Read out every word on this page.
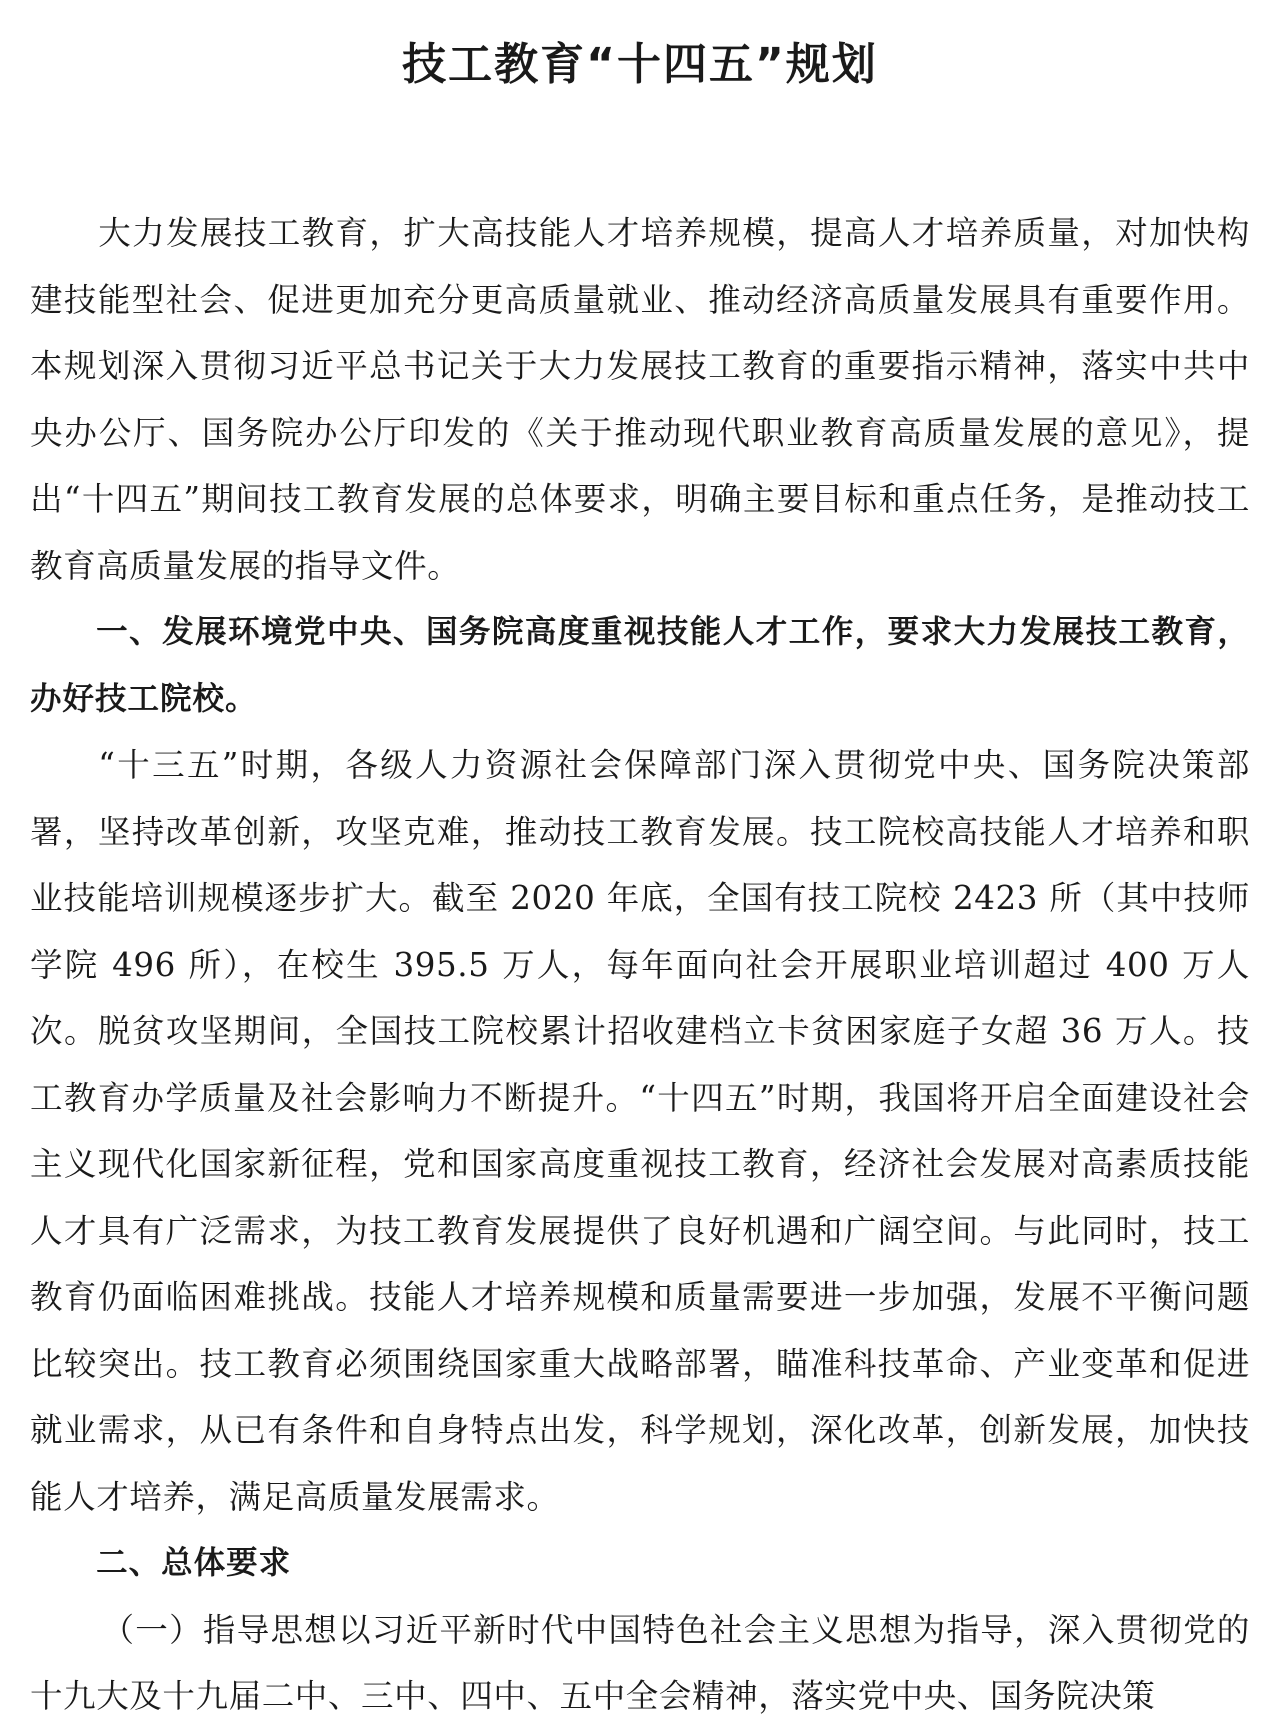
技工教育“十四五”规划

大力发展技工教育，扩大高技能人才培养规模，提高人才培养质量，对加快构建技能型社会、促进更加充分更高质量就业、推动经济高质量发展具有重要作用。本规划深入贯彻习近平总书记关于大力发展技工教育的重要指示精神，落实中共中央办公厅、国务院办公厅印发的《关于推动现代职业教育高质量发展的意见》，提出“十四五”期间技工教育发展的总体要求，明确主要目标和重点任务，是推动技工教育高质量发展的指导文件。

一、发展环境党中央、国务院高度重视技能人才工作，要求大力发展技工教育，办好技工院校。

“十三五”时期，各级人力资源社会保障部门深入贯彻党中央、国务院决策部署，坚持改革创新，攻坚克难，推动技工教育发展。技工院校高技能人才培养和职业技能培训规模逐步扩大。截至 2020 年底，全国有技工院校 2423 所（其中技师学院 496 所），在校生 395.5 万人，每年面向社会开展职业培训超过 400 万人次。脱贫攻坚期间，全国技工院校累计招收建档立卡贫困家庭子女超 36 万人。技工教育办学质量及社会影响力不断提升。“十四五”时期，我国将开启全面建设社会主义现代化国家新征程，党和国家高度重视技工教育，经济社会发展对高素质技能人才具有广泛需求，为技工教育发展提供了良好机遇和广阔空间。与此同时，技工教育仍面临困难挑战。技能人才培养规模和质量需要进一步加强，发展不平衡问题比较突出。技工教育必须围绕国家重大战略部署，瞄准科技革命、产业变革和促进就业需求，从已有条件和自身特点出发，科学规划，深化改革，创新发展，加快技能人才培养，满足高质量发展需求。

二、总体要求

（一）指导思想以习近平新时代中国特色社会主义思想为指导，深入贯彻党的十九大及十九届二中、三中、四中、五中全会精神，落实党中央、国务院决策
